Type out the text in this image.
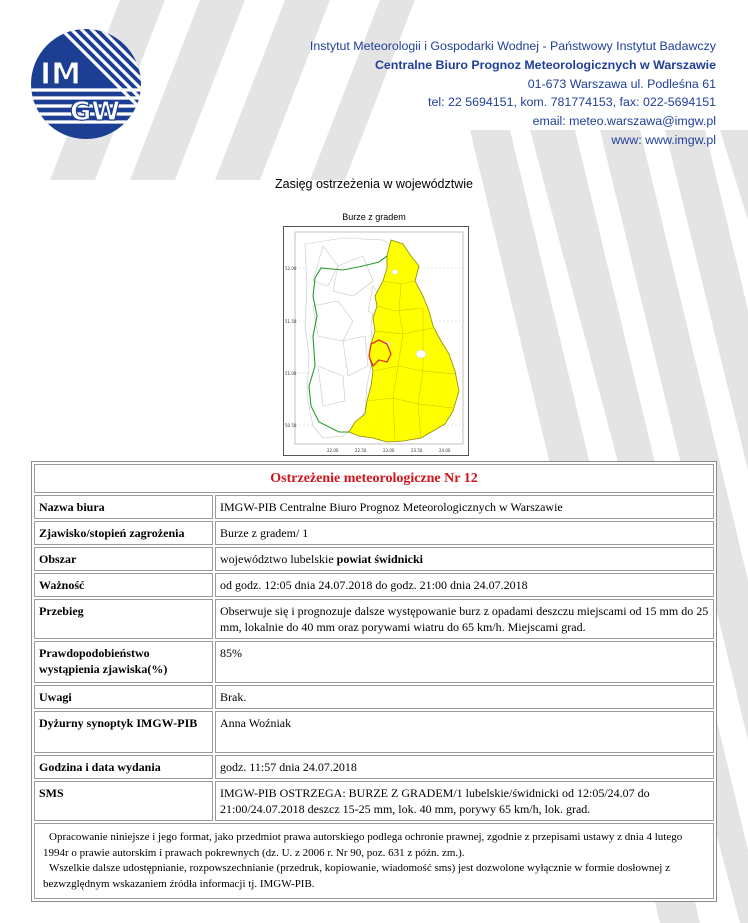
IM
GW
Instytut Meteorologii i Gospodarki Wodnej - Państwowy Instytut Badawczy
Centralne Biuro Prognoz Meteorologicznych w Warszawie
01-673 Warszawa ul. Podleśna 61
tel: 22 5694151, kom. 781774153, fax: 022-5694151
email: meteo.warszawa@imgw.pl
www: www.imgw.pl
Zasięg ostrzeżenia w województwie
Burze z gradem
52.00
51.50
51.00
50.50
22.00	22.50	23.00	23.50	24.00
Ostrzeżenie meteorologiczne Nr 12	
Nazwa biura	IMGW-PIB Centralne Biuro Prognoz Meteorologicznych w Warszawie
Zjawisko/stopień zagrożenia	Burze z gradem/ 1
Obszar	województwo lubelskie powiat świdnicki
Ważność	od godz. 12:05 dnia 24.07.2018 do godz. 21:00 dnia 24.07.2018
Przebieg	Obserwuje się i prognozuje dalsze występowanie burz z opadami deszczu miejscami od 15 mm do 25 mm, lokalnie do 40 mm oraz porywami wiatru do 65 km/h. Miejscami grad.
Prawdopodobieństwo wystąpienia zjawiska(%)	85%
Uwagi	Brak.
Dyżurny synoptyk IMGW-PIB	Anna Woźniak
Godzina i data wydania	godz. 11:57 dnia 24.07.2018
SMS	IMGW-PIB OSTRZEGA: BURZE Z GRADEM/1 lubelskie/świdnicki od 12:05/24.07 do 21:00/24.07.2018 deszcz 15-25 mm, lok. 40 mm, porywy 65 km/h, lok. grad.

Opracowanie niniejsze i jego format, jako przedmiot prawa autorskiego podlega ochronie prawnej, zgodnie z przepisami ustawy z dnia 4 lutego 1994r o prawie autorskim i prawach pokrewnych (dz. U. z 2006 r. Nr 90, poz. 631 z późn. zm.).
Wszelkie dalsze udostępnianie, rozpowszechnianie (przedruk, kopiowanie, wiadomość sms) jest dozwolone wyłącznie w formie dosłownej z bezwzględnym wskazaniem źródła informacji tj. IMGW-PIB.	
